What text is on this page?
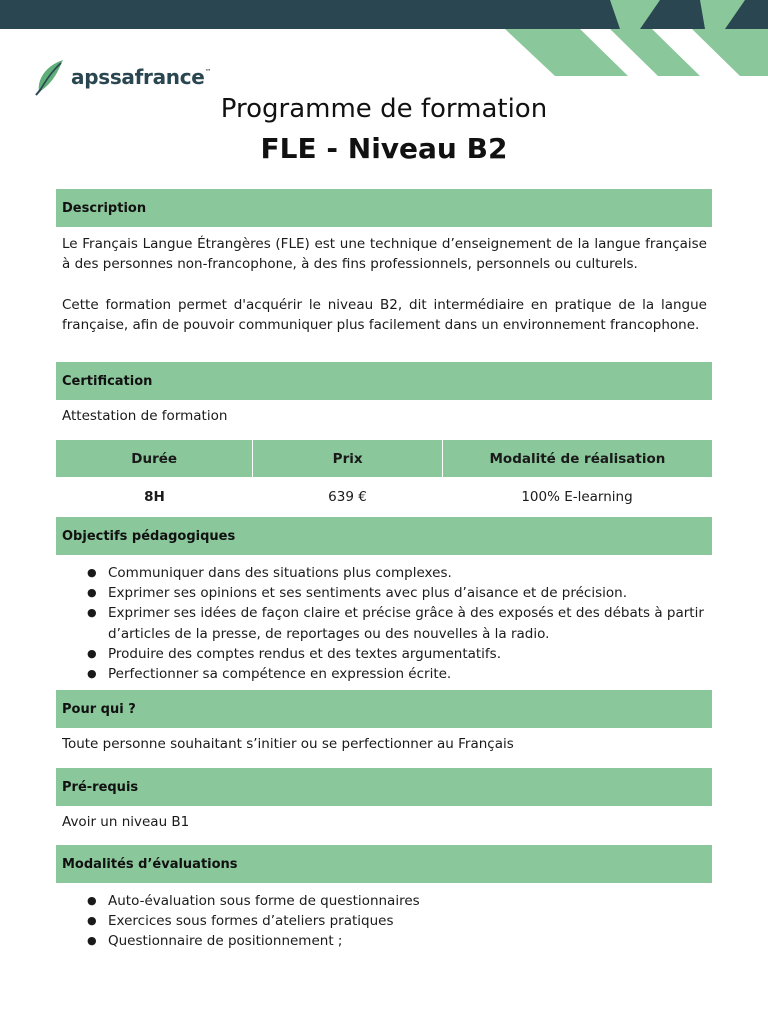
apssafrance ™
Programme de formation
FLE - Niveau B2
Description

Le Français Langue Étrangères (FLE) est une technique d’enseignement de la langue française à des personnes non-francophone, à des fins professionnels, personnels ou culturels.

Cette formation permet d'acquérir le niveau B2, dit intermédiaire en pratique de la langue française, afin de pouvoir communiquer plus facilement dans un environnement francophone.

Certification
Attestation de formation
Durée	Prix	Modalité de réalisation
8H	639 €	100% E-learning
Objectifs pédagogiques
● Communiquer dans des situations plus complexes.
● Exprimer ses opinions et ses sentiments avec plus d’aisance et de précision.
● Exprimer ses idées de façon claire et précise grâce à des exposés et des débats à partir d’articles de la presse, de reportages ou des nouvelles à la radio.
● Produire des comptes rendus et des textes argumentatifs.
● Perfectionner sa compétence en expression écrite.
Pour qui ?
Toute personne souhaitant s’initier ou se perfectionner au Français
Pré-requis
Avoir un niveau B1
Modalités d’évaluations
● Auto-évaluation sous forme de questionnaires
● Exercices sous formes d’ateliers pratiques
● Questionnaire de positionnement ;
